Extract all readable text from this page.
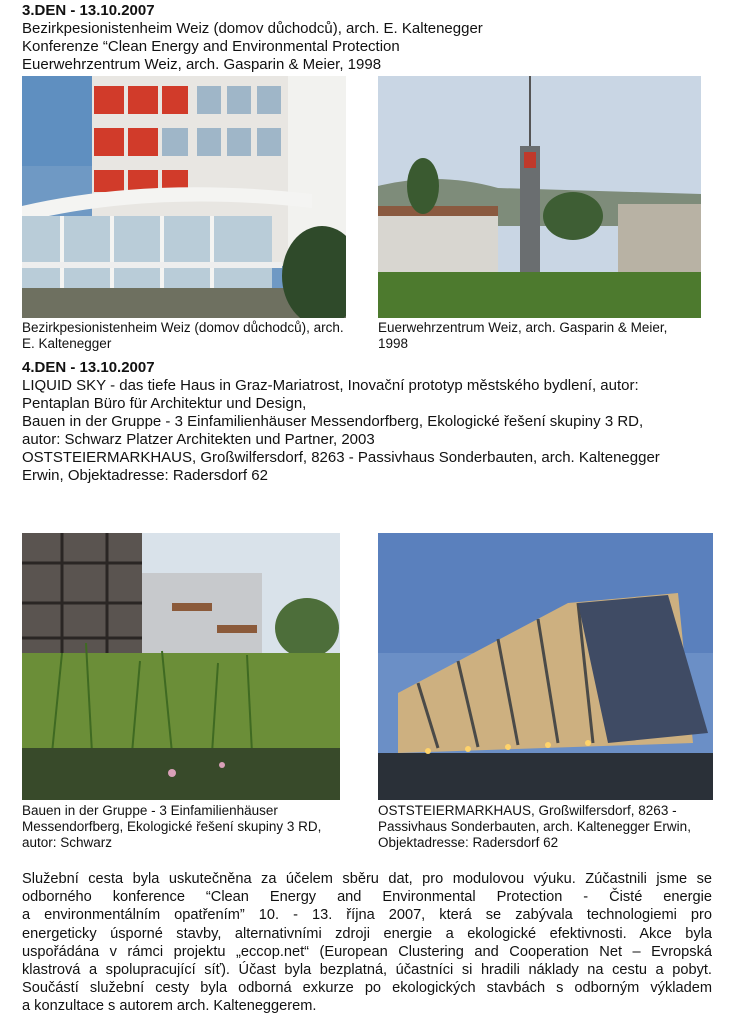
3.DEN - 13.10.2007
Bezirkpesionistenheim Weiz (domov důchodců), arch. E. Kaltenegger
Konferenze “Clean Energy and Environmental Protection
Euerwehrzentrum Weiz, arch. Gasparin & Meier, 1998
Bezirkpesionistenheim Weiz (domov důchodců), arch.
E. Kaltenegger
Euerwehrzentrum Weiz, arch. Gasparin & Meier,
1998
4.DEN - 13.10.2007
LIQUID SKY - das tiefe Haus in Graz-Mariatrost, Inovační prototyp městského bydlení, autor:
Pentaplan Büro für Architektur und Design,
Bauen in der Gruppe - 3 Einfamilienhäuser Messendorfberg, Ekologické řešení skupiny 3 RD,
autor: Schwarz Platzer Architekten und Partner, 2003
OSTSTEIERMARKHAUS, Großwilfersdorf, 8263 - Passivhaus Sonderbauten, arch. Kaltenegger
Erwin, Objektadresse: Radersdorf 62
Bauen in der Gruppe - 3 Einfamilienhäuser
Messendorfberg, Ekologické řešení skupiny 3 RD,
autor: Schwarz
OSTSTEIERMARKHAUS, Großwilfersdorf, 8263 -
Passivhaus Sonderbauten, arch. Kaltenegger Erwin,
Objektadresse: Radersdorf 62
Služební cesta byla uskutečněna za účelem sběru dat, pro modulovou výuku. Zúčastnili jsme se
odborného konference “Clean Energy and Environmental Protection - Čisté energie
a environmentálním opatřením” 10. - 13. října 2007, která se zabývala technologiemi pro
energeticky úsporné stavby, alternativními zdroji energie a ekologické efektivnosti. Akce byla
uspořádána v rámci projektu „eccop.net“ (European Clustering and Cooperation Net – Evropská
klastrová a spolupracující síť). Účast byla bezplatná, účastníci si hradili náklady na cestu a pobyt.
Součástí služební cesty byla odborná exkurze po ekologických stavbách s odborným výkladem
a konzultace s autorem arch. Kalteneggerem.
